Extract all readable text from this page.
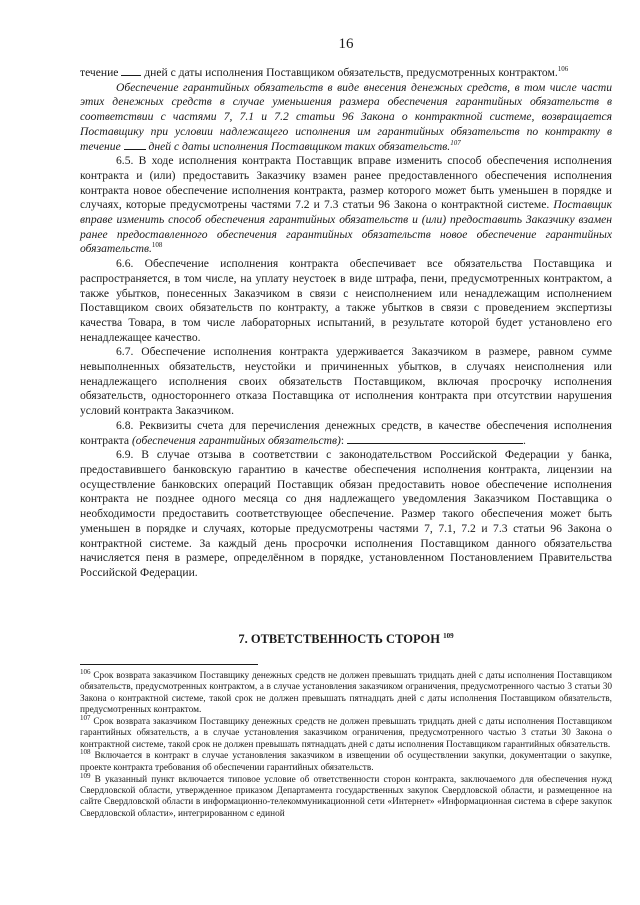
16

течение  дней с даты исполнения Поставщиком обязательств, предусмотренных контрактом.$^{106}$

Обеспечение гарантийных обязательств в виде внесения денежных средств, в том числе части этих денежных средств в случае уменьшения размера обеспечения гарантийных обязательств в соответствии с частями 7, 7.1 и 7.2 статьи 96 Закона о контрактной системе, возвращается Поставщику при условии надлежащего исполнения им гарантийных обязательств по контракту в течение  дней с даты исполнения Поставщиком таких обязательств.$^{107}$

6.5. В ходе исполнения контракта Поставщик вправе изменить способ обеспечения исполнения контракта и (или) предоставить Заказчику взамен ранее предоставленного обеспечения исполнения контракта новое обеспечение исполнения контракта, размер которого может быть уменьшен в порядке и случаях, которые предусмотрены частями 7.2 и 7.3 статьи 96 Закона о контрактной системе. Поставщик вправе изменить способ обеспечения гарантийных обязательств и (или) предоставить Заказчику взамен ранее предоставленного обеспечения гарантийных обязательств новое обеспечение гарантийных обязательств.$^{108}$

6.6. Обеспечение исполнения контракта обеспечивает все обязательства Поставщика и распространяется, в том числе, на уплату неустоек в виде штрафа, пени, предусмотренных контрактом, а также убытков, понесенных Заказчиком в связи с неисполнением или ненадлежащим исполнением Поставщиком своих обязательств по контракту, а также убытков в связи с проведением экспертизы качества Товара, в том числе лабораторных испытаний, в результате которой будет установлено его ненадлежащее качество.

6.7. Обеспечение исполнения контракта удерживается Заказчиком в размере, равном сумме невыполненных обязательств, неустойки и причиненных убытков, в случаях неисполнения или ненадлежащего исполнения своих обязательств Поставщиком, включая просрочку исполнения обязательств, одностороннего отказа Поставщика от исполнения контракта при отсутствии нарушения условий контракта Заказчиком.

6.8. Реквизиты счета для перечисления денежных средств, в качестве обеспечения исполнения контракта (обеспечения гарантийных обязательств):	.

6.9. В случае отзыва в соответствии с законодательством Российской Федерации у банка, предоставившего банковскую гарантию в качестве обеспечения исполнения контракта, лицензии на осуществление банковских операций Поставщик обязан предоставить новое обеспечение исполнения контракта не позднее одного месяца со дня надлежащего уведомления Заказчиком Поставщика о необходимости предоставить соответствующее обеспечение. Размер такого обеспечения может быть уменьшен в порядке и случаях, которые предусмотрены частями 7, 7.1, 7.2 и 7.3 статьи 96 Закона о контрактной системе. За каждый день просрочки исполнения Поставщиком данного обязательства начисляется пеня в размере, определённом в порядке, установленном Постановлением Правительства Российской Федерации.

7. ОТВЕТСТВЕННОСТЬ СТОРОН $^{109}$

$^{106}$ Срок возврата заказчиком Поставщику денежных средств не должен превышать тридцать дней с даты исполнения Поставщиком обязательств, предусмотренных контрактом, а в случае установления заказчиком ограничения, предусмотренного частью 3 статьи 30 Закона о контрактной системе, такой срок не должен превышать пятнадцать дней с даты исполнения Поставщиком обязательств, предусмотренных контрактом.

$^{107}$ Срок возврата заказчиком Поставщику денежных средств не должен превышать тридцать дней с даты исполнения Поставщиком гарантийных обязательств, а в случае установления заказчиком ограничения, предусмотренного частью 3 статьи 30 Закона о контрактной системе, такой срок не должен превышать пятнадцать дней с даты исполнения Поставщиком гарантийных обязательств.

$^{108}$ Включается в контракт в случае установления заказчиком в извещении об осуществлении закупки, документации о закупке, проекте контракта требования об обеспечении гарантийных обязательств.

$^{109}$ В указанный пункт включается типовое условие об ответственности сторон контракта, заключаемого для обеспечения нужд Свердловской области, утвержденное приказом Департамента государственных закупок Свердловской области, и размещенное на сайте Свердловской области в информационно-телекоммуникационной сети «Интернет» «Информационная система в сфере закупок Свердловской области», интегрированном с единой
